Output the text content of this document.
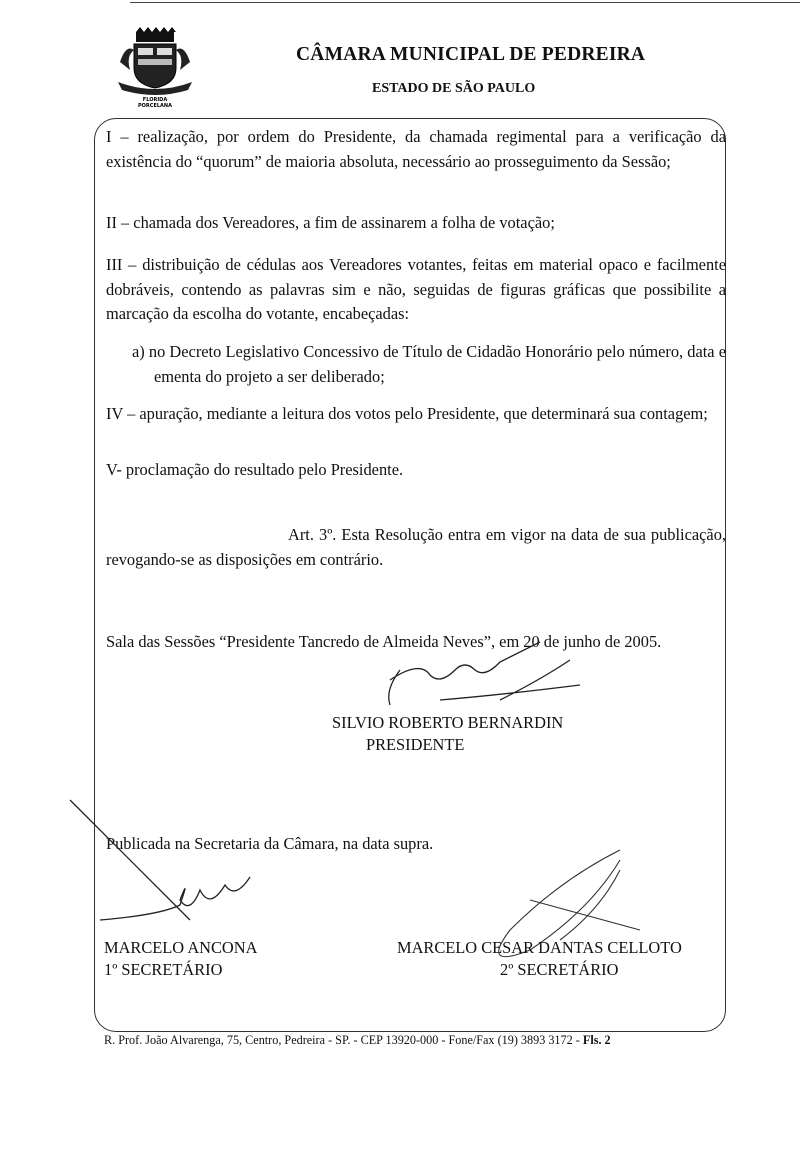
FLORIDA
PORCELANA
CÂMARA MUNICIPAL DE PEDREIRA
ESTADO DE SÃO PAULO
I – realização, por ordem do Presidente, da chamada regimental para a verificação da existência do “quorum” de maioria absoluta, necessário ao prosseguimento da Sessão;
II – chamada dos Vereadores, a fim de assinarem a folha de votação;
III – distribuição de cédulas aos Vereadores votantes, feitas em material opaco e facilmente dobráveis, contendo as palavras sim e não, seguidas de figuras gráficas que possibilite a marcação da escolha do votante, encabeçadas:
a) no Decreto Legislativo Concessivo de Título de Cidadão Honorário pelo número, data e ementa do projeto a ser deliberado;
IV – apuração, mediante a leitura dos votos pelo Presidente, que determinará sua contagem;
V- proclamação do resultado pelo Presidente.
Art. 3º. Esta Resolução entra em vigor na data de sua publicação, revogando-se as disposições em contrário.
Sala das Sessões “Presidente Tancredo de Almeida Neves”, em 20 de junho de 2005.
SILVIO ROBERTO BERNARDIN
PRESIDENTE
Publicada na Secretaria da Câmara, na data supra.
MARCELO ANCONA
1º SECRETÁRIO
MARCELO CESAR DANTAS CELLOTO
2º SECRETÁRIO
R. Prof. João Alvarenga, 75, Centro, Pedreira - SP. - CEP 13920-000 - Fone/Fax (19) 3893 3172 - Fls. 2
